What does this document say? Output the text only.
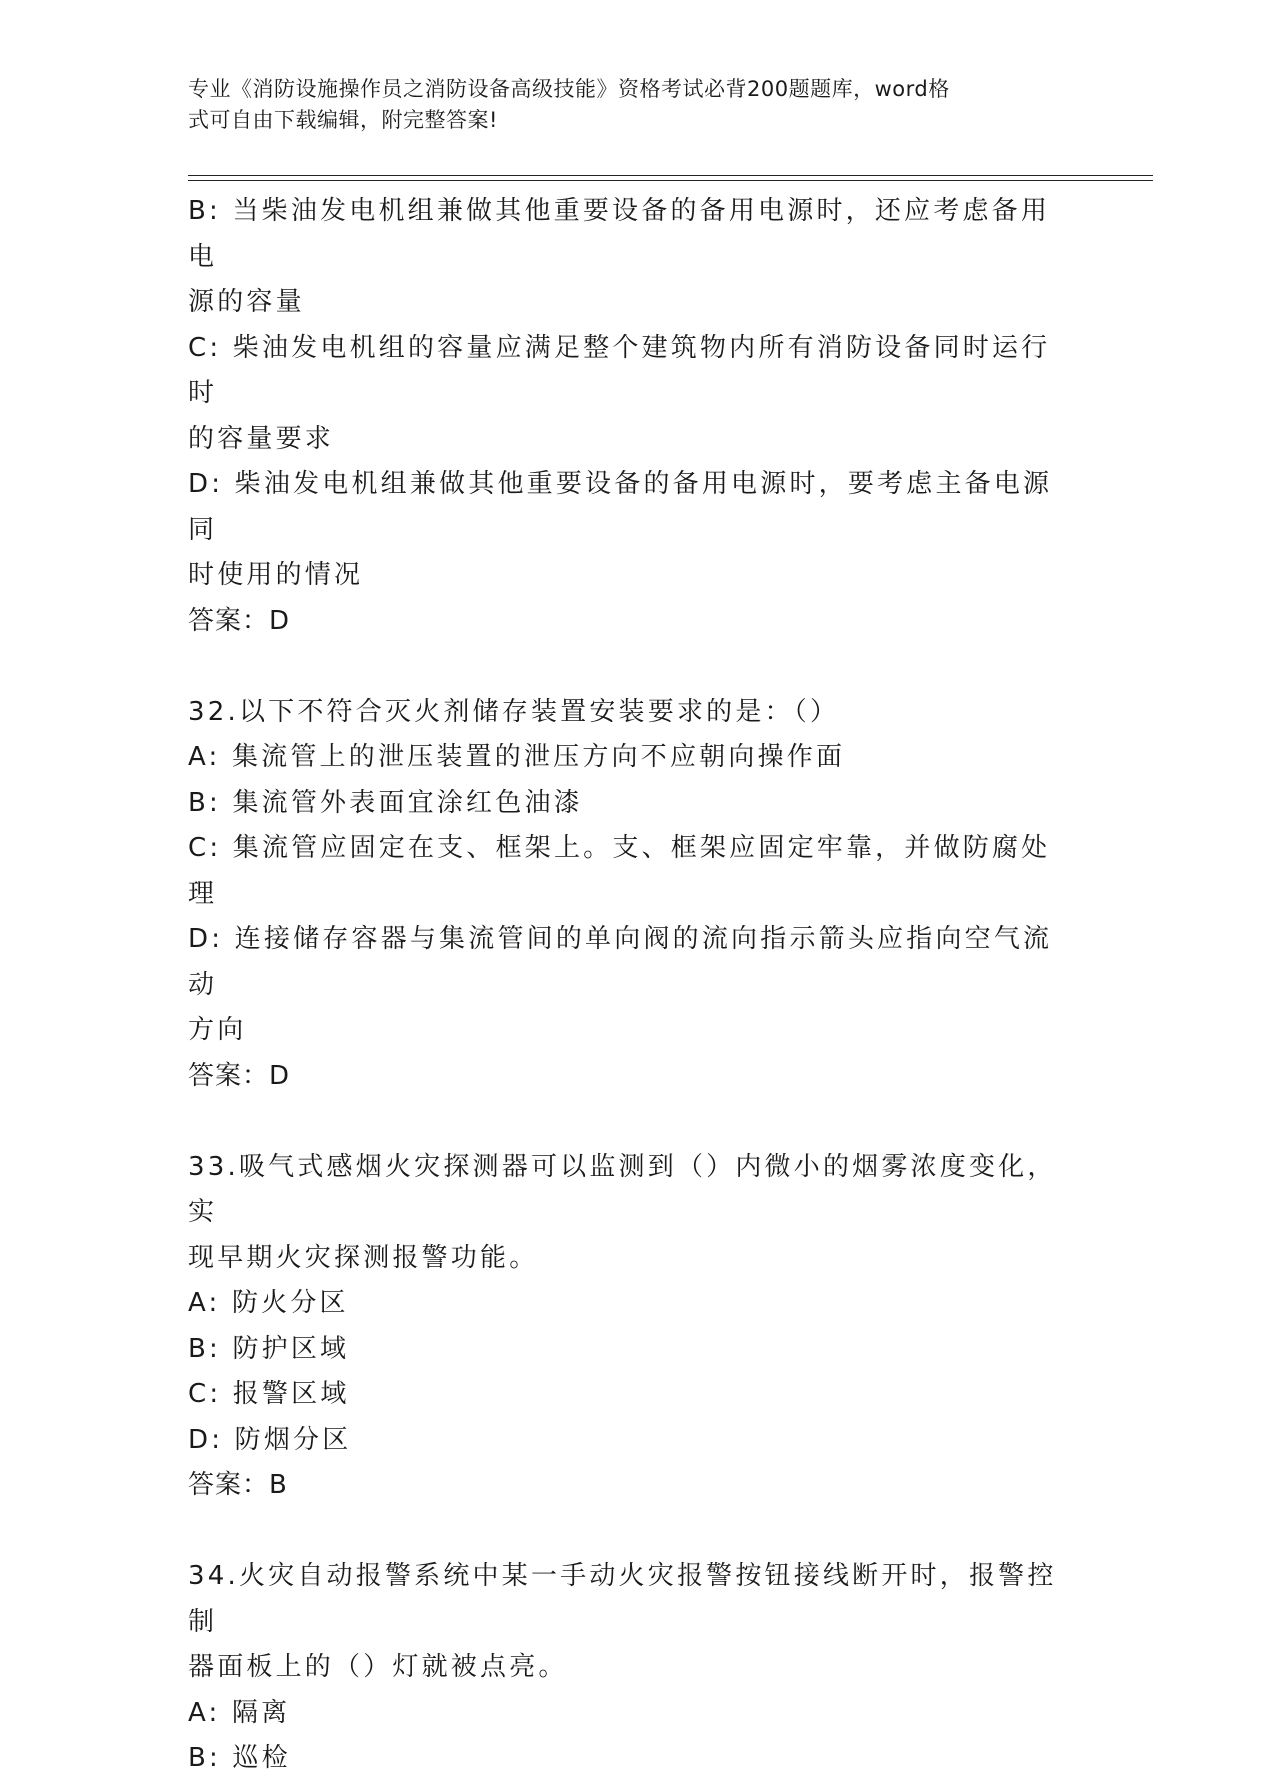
专业《消防设施操作员之消防设备高级技能》资格考试必背200题题库，word格
式可自由下载编辑，附完整答案!
B: 当柴油发电机组兼做其他重要设备的备用电源时，还应考虑备用电
源的容量
C: 柴油发电机组的容量应满足整个建筑物内所有消防设备同时运行时
的容量要求
D: 柴油发电机组兼做其他重要设备的备用电源时，要考虑主备电源同
时使用的情况
答案：D
32.以下不符合灭火剂储存装置安装要求的是：（）
A: 集流管上的泄压装置的泄压方向不应朝向操作面
B: 集流管外表面宜涂红色油漆
C: 集流管应固定在支、框架上。支、框架应固定牢靠，并做防腐处理
D: 连接储存容器与集流管间的单向阀的流向指示箭头应指向空气流动
方向
答案：D
33.吸气式感烟火灾探测器可以监测到（）内微小的烟雾浓度变化，实
现早期火灾探测报警功能。
A: 防火分区
B: 防护区域
C: 报警区域
D: 防烟分区
答案：B
34.火灾自动报警系统中某一手动火灾报警按钮接线断开时，报警控制
器面板上的（）灯就被点亮。
A: 隔离
B: 巡检
